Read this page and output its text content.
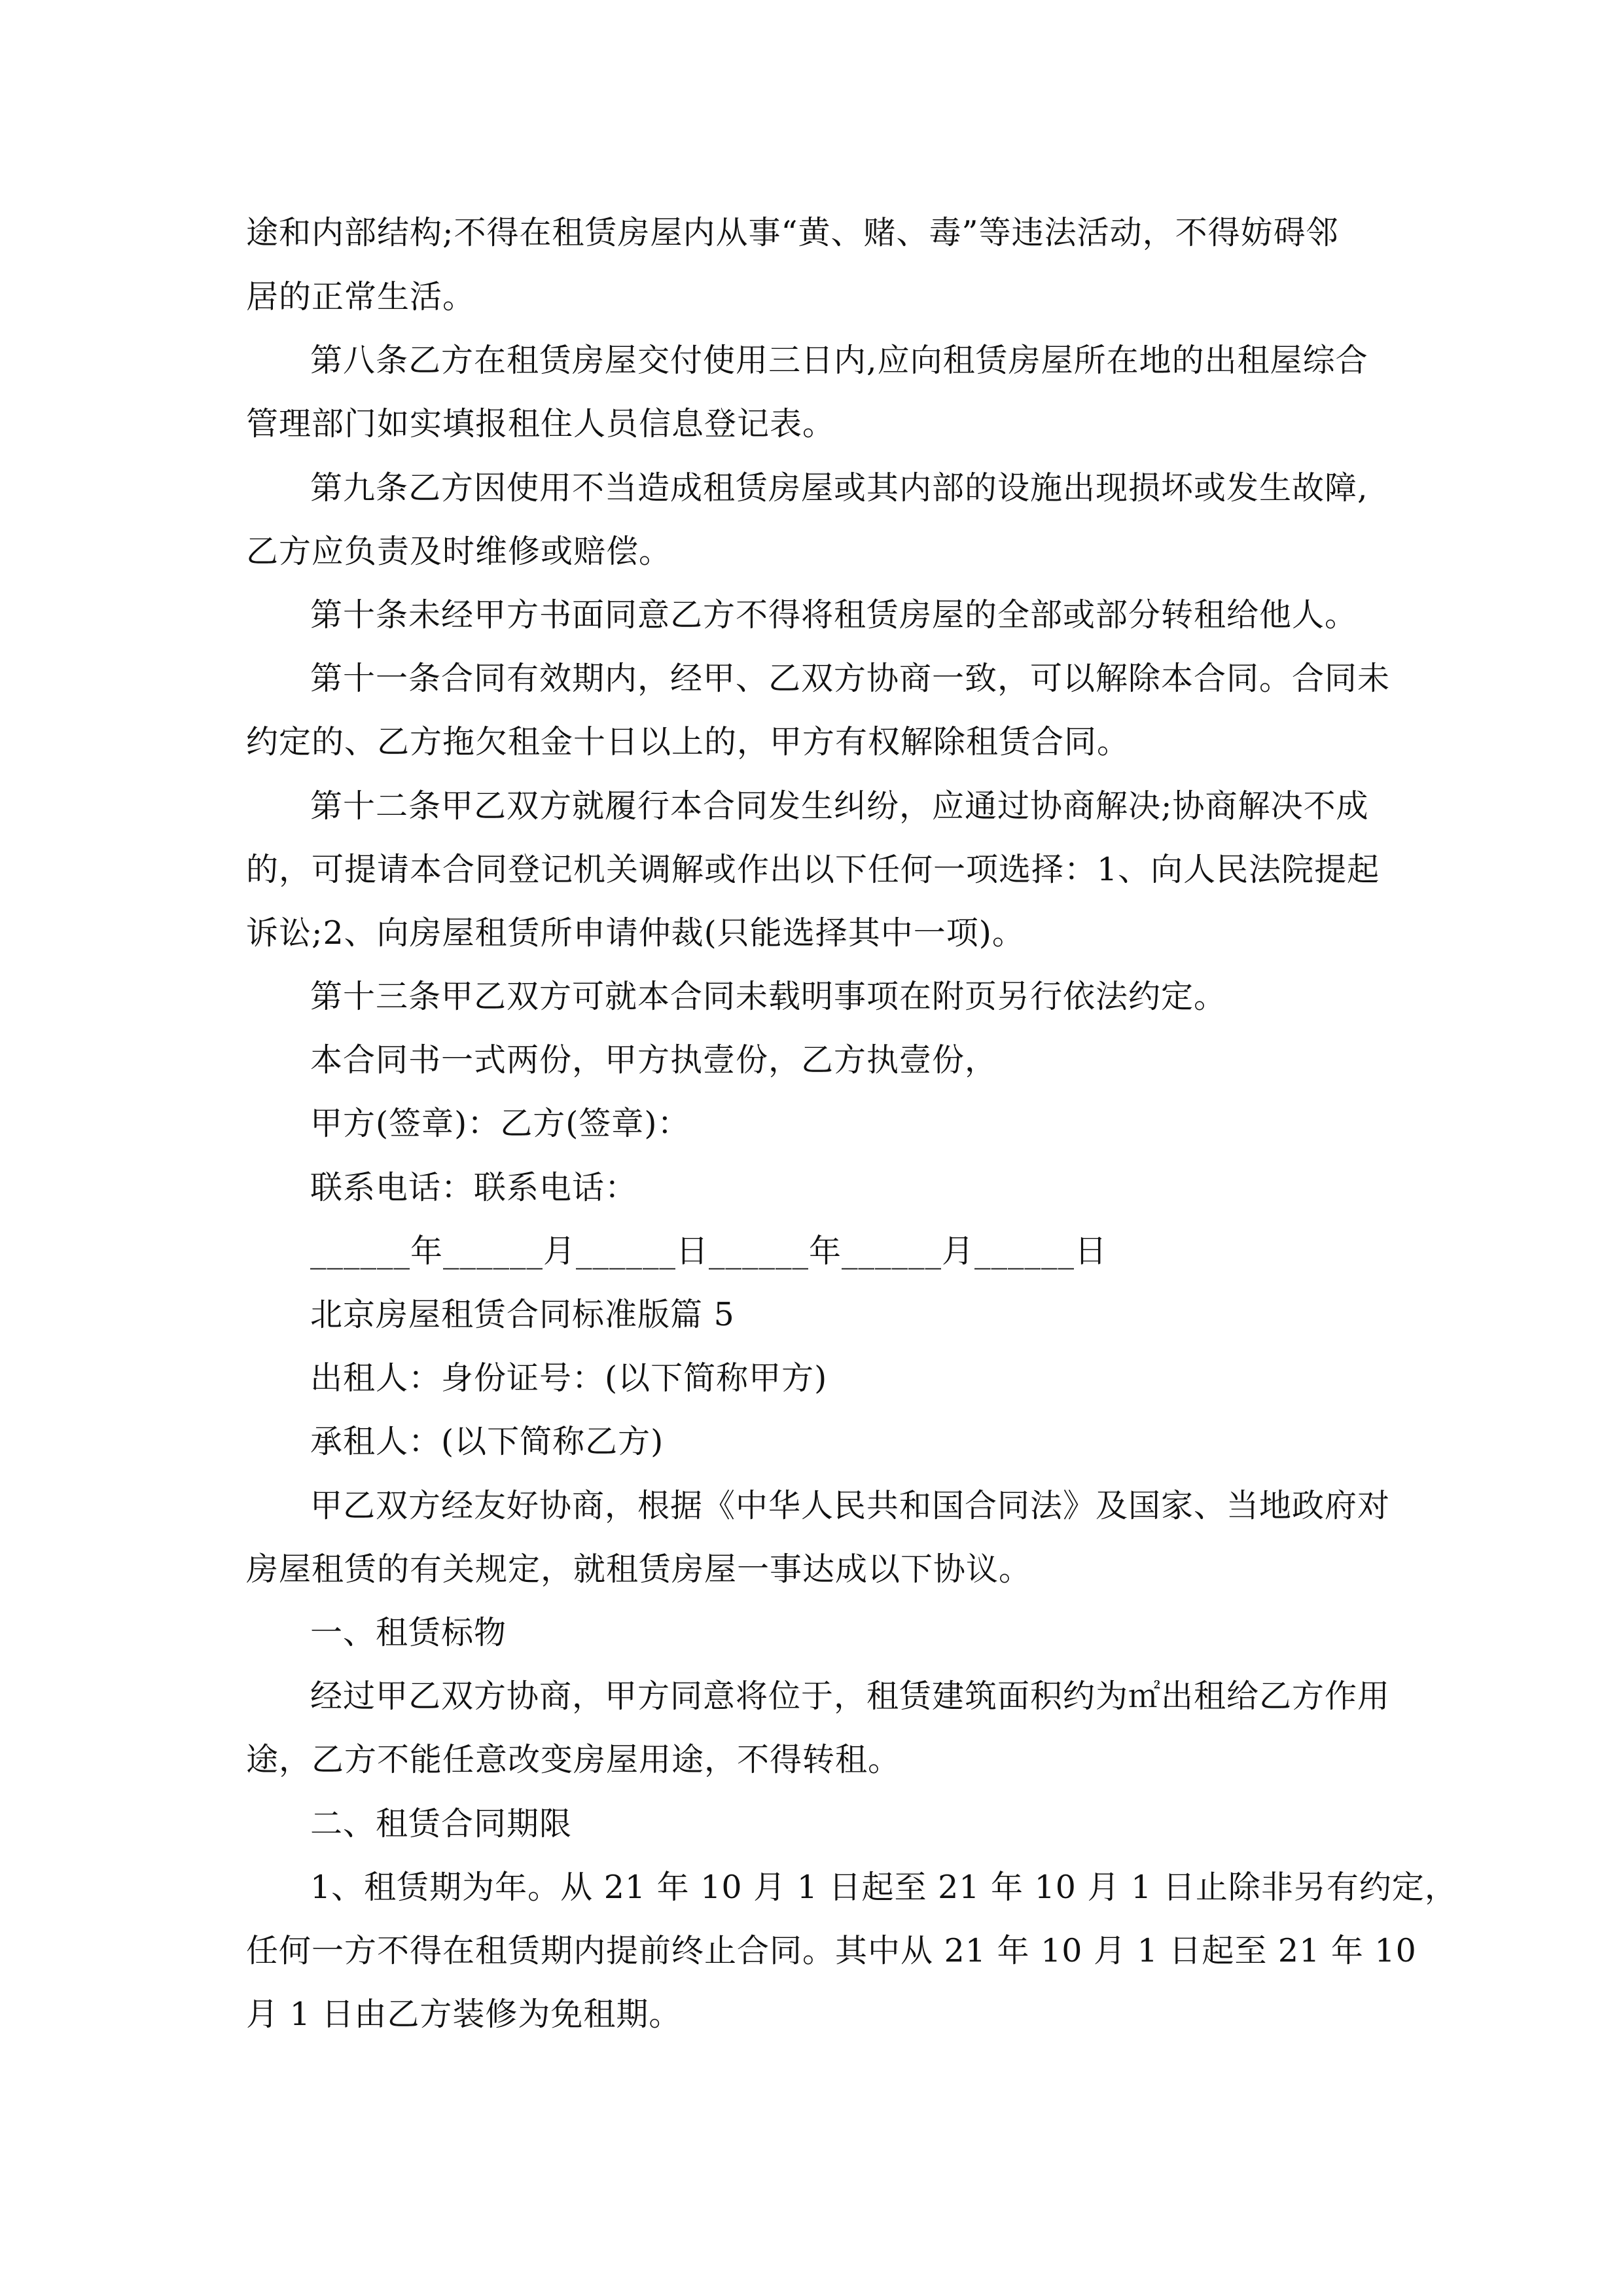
途和内部结构;不得在租赁房屋内从事“黄、赌、毒”等违法活动，不得妨碍邻
居的正常生活。
第八条乙方在租赁房屋交付使用三日内,应向租赁房屋所在地的出租屋综合
管理部门如实填报租住人员信息登记表。
第九条乙方因使用不当造成租赁房屋或其内部的设施出现损坏或发生故障,
乙方应负责及时维修或赔偿。
第十条未经甲方书面同意乙方不得将租赁房屋的全部或部分转租给他人。
第十一条合同有效期内，经甲、乙双方协商一致，可以解除本合同。合同未
约定的、乙方拖欠租金十日以上的，甲方有权解除租赁合同。
第十二条甲乙双方就履行本合同发生纠纷，应通过协商解决;协商解决不成
的，可提请本合同登记机关调解或作出以下任何一项选择：1、向人民法院提起
诉讼;2、向房屋租赁所申请仲裁(只能选择其中一项)。
第十三条甲乙双方可就本合同未载明事项在附页另行依法约定。
本合同书一式两份，甲方执壹份，乙方执壹份，
甲方(签章)：乙方(签章)：
联系电话：联系电话：
______年______月______日______年______月______日
北京房屋租赁合同标准版篇 5
出租人：身份证号：(以下简称甲方)
承租人：(以下简称乙方)
甲乙双方经友好协商，根据《中华人民共和国合同法》及国家、当地政府对
房屋租赁的有关规定，就租赁房屋一事达成以下协议。
一、租赁标物
经过甲乙双方协商，甲方同意将位于，租赁建筑面积约为㎡出租给乙方作用
途，乙方不能任意改变房屋用途，不得转租。
二、租赁合同期限
1、租赁期为年。从 21 年 10 月 1 日起至 21 年 10 月 1 日止除非另有约定，
任何一方不得在租赁期内提前终止合同。其中从 21 年 10 月 1 日起至 21 年 10
月 1 日由乙方装修为免租期。
